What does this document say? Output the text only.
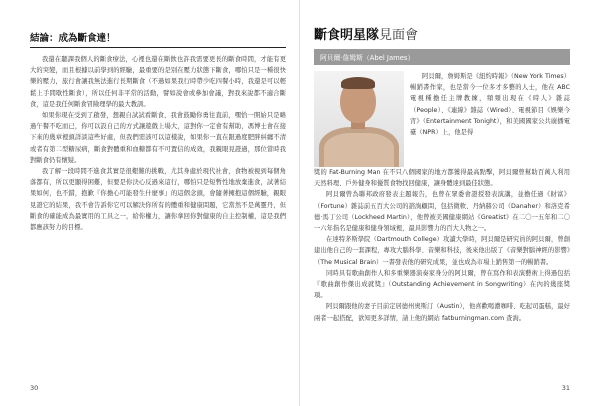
結論：成為斷食達！

我還在聽課我個人的斷食療法，心裡也還在斷飲也許我需要更長的斷食時間，才能有更大的突變，而且根據以前學到的經驗，最重要的是別在壓力狀態下斷食，哪怕只是一種很快樂的壓力，旅行會讓我無法進行長期斷食（不過如果我行時帶少吃四餐小時，我還是可以輕鬆上手間歇性斷食），所以任何非平常的活動，譬如說會或參加會議，對我來說都不適合斷食，這是我任何斷食冒險理學的最大教訓。

如果你現在受到了啟發，想親自試試看斷食，我會鼓勵你勇往直前，嘿恰一開始只是略過午餐不吃而已，你可以設自己的方式讓遊戲上場大，這對你一定會有幫助，馮博士會在接下來的幾章裡頭詳談這些好處，但我們需該可以這樣說，如果你一直在跟過度肥胖糾纏不清或者有第二型糖尿病，斷食對體重和血糖都有不可置信的成效，我親眼見證過，那位當時我對斷食仍有懷疑。

我了解一段時間不進食其實是很艱難的挑戰，尤其身處於現代社會，食物被視到每個角落都有，所以更顯得困難，但要是你決心反過來這行，哪怕只是短暫性地放棄進食，試著結果如何，也不錯，抱歉『你擔心可能發生什麼事』的這個念頭，會隨著擁抱這個經驗，親眼見證它的結果，我不會告訴你它可以解決你所有的體重和健康問題，它當然不是萬靈丹，但斷食的確能成為最實用的工具之一，給你權力，讓你拿回你對健康的自主控制權，這是我們都應該努力的目標。

30
斷食明星隊見面會
阿貝爾·詹姆斯（Abel James）

阿貝爾，詹姆斯是《紐約時報》（New York Times）暢銷書作家，也是當今一位多才多藝的人士，他在 ABC 電視種擔任主牌教練，頻頻出現在《時人》雜誌（People）、《連線》雜誌（Wired）、電視節目《娛樂今宵》（Entertainment Tonight），和美國國家公共廣播電臺（NPR）上，他是得

獎的 Fat-Burning Man 在不只八個國家的地方都獲得最高點擊，阿貝爾曾幫助百萬人利用天然料理、戶外健身和優質食物找回健康，讓身體達到最佳狀態。

阿貝爾曾為聯邦政府發表主題報告，也曾在眾委會證授發表演講，並擔任過《財富》（Fortune）雜誌前五百大公司的諮詢顧問，包括微軟、丹納赫公司（Danaher）和洛克希德·馬丁公司（Lockheed Martin），他曾被美國健康網站《Greatist》在二〇一五年和二〇一六年指名是健康和健身領域裡，最具影響力的百大人物之一。

在達特茅斯學院（Dartmouth College）攻讀大學時，阿貝爾是研究員的阿貝爾，曾創建出他自己的一套課程，專攻大腦科學、音樂和科技，後來他出版了《音樂對腦神經的影響》（The Musical Brain）一書發表他的研究成果，並也成為市場上銷售第一的暢銷書。

同時具有歌曲創作人和多重樂器演奏家身分的阿貝爾，曾在寫作和表演藝術上得過包括『歌曲創作傑出成就獎』（Outstanding Achievement in Songwriting）在內的幾座獎項。

阿貝爾跟他的妻子目前定居德州奧斯汀（Austin），他喜歡喝濃咖啡、吃起司蛋糕，最好兩者一起搭配，欲知更多詳情，請上他的網站 fatburningman.com 查詢。

31
